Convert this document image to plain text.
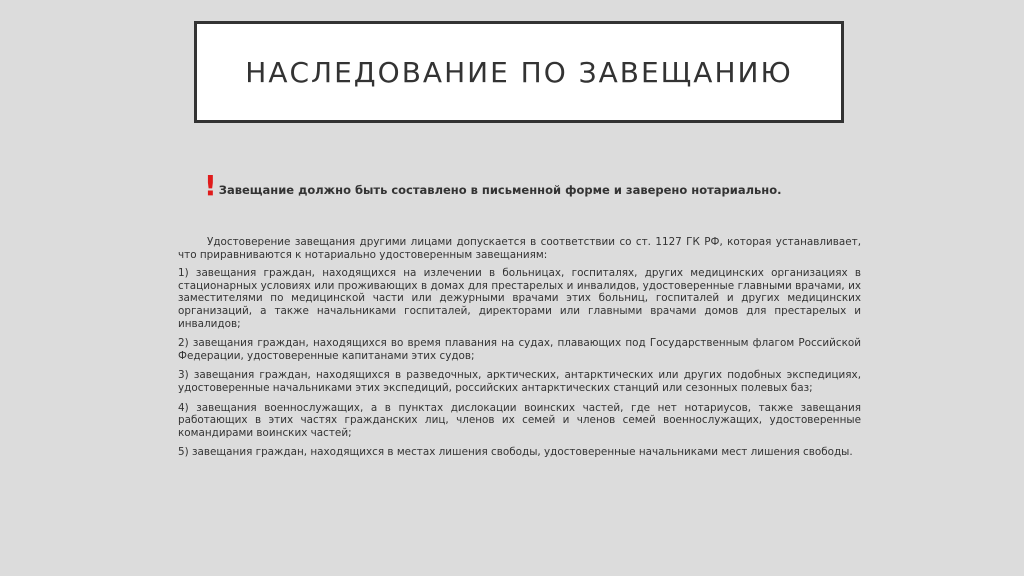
НАСЛЕДОВАНИЕ ПО ЗАВЕЩАНИЮ
! Завещание должно быть составлено в письменной форме и заверено нотариально.

Удостоверение завещания другими лицами допускается в соответствии со ст. 1127 ГК РФ, которая устанавливает, что приравниваются к нотариально удостоверенным завещаниям:

1) завещания граждан, находящихся на излечении в больницах, госпиталях, других медицинских организациях в стационарных условиях или проживающих в домах для престарелых и инвалидов, удостоверенные главными врачами, их заместителями по медицинской части или дежурными врачами этих больниц, госпиталей и других медицинских организаций, а также начальниками госпиталей, директорами или главными врачами домов для престарелых и инвалидов;

2) завещания граждан, находящихся во время плавания на судах, плавающих под Государственным флагом Российской Федерации, удостоверенные капитанами этих судов;

3) завещания граждан, находящихся в разведочных, арктических, антарктических или других подобных экспедициях, удостоверенные начальниками этих экспедиций, российских антарктических станций или сезонных полевых баз;

4) завещания военнослужащих, а в пунктах дислокации воинских частей, где нет нотариусов, также завещания работающих в этих частях гражданских лиц, членов их семей и членов семей военнослужащих, удостоверенные командирами воинских частей;

5) завещания граждан, находящихся в местах лишения свободы, удостоверенные начальниками мест лишения свободы.
